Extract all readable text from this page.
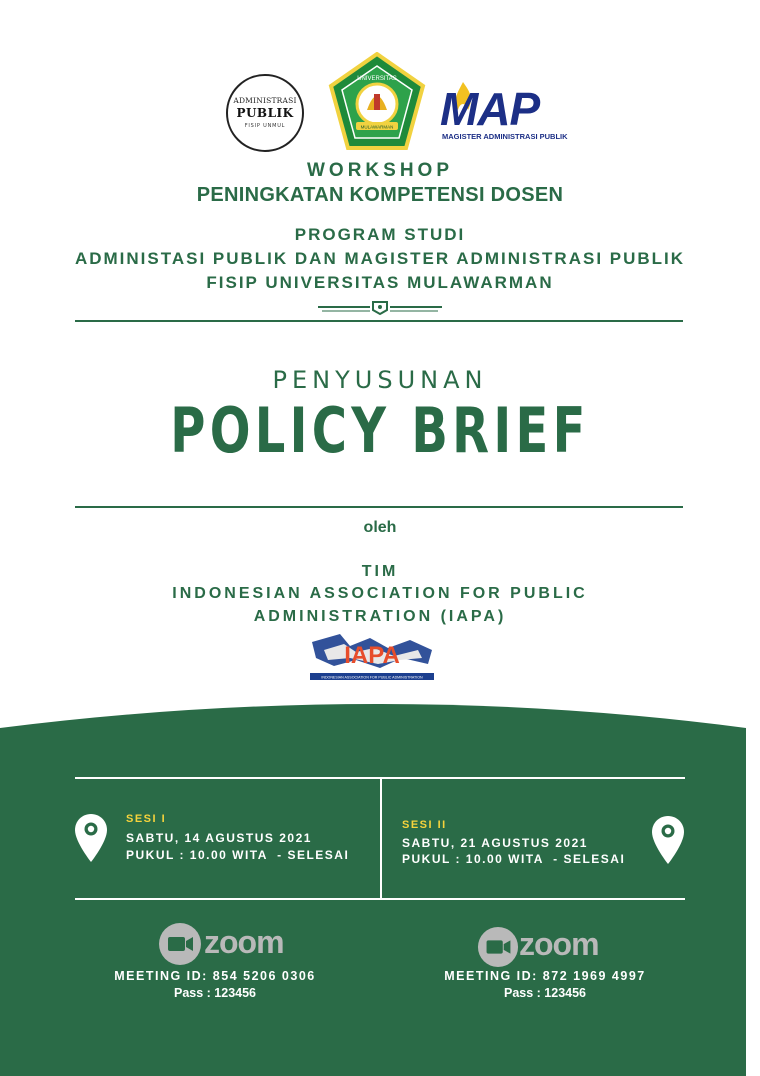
ADMINISTRASI
PUBLIK
FISIP UNMUL
UNIVERSITAS
MULAWARMAN MAP
MAGISTER ADMINISTRASI PUBLIK
WORKSHOP
PENINGKATAN KOMPETENSI DOSEN
PROGRAM STUDI
ADMINISTASI PUBLIK DAN MAGISTER ADMINISTRASI PUBLIK
FISIP UNIVERSITAS MULAWARMAN
PENYUSUNAN
POLICY BRIEF
oleh
TIM
INDONESIAN ASSOCIATION FOR PUBLIC
ADMINISTRATION (IAPA)
IAPA
INDONESIAN ASSOCIATION FOR PUBLIC ADMINISTRATION
SESI I
SABTU, 14 AGUSTUS 2021
PUKUL : 10.00 WITA  - SELESAI
SESI II
SABTU, 21 AGUSTUS 2021
PUKUL : 10.00 WITA  - SELESAI
zoom
MEETING ID: 854 5206 0306
Pass : 123456
zoom
MEETING ID: 872 1969 4997
Pass : 123456
